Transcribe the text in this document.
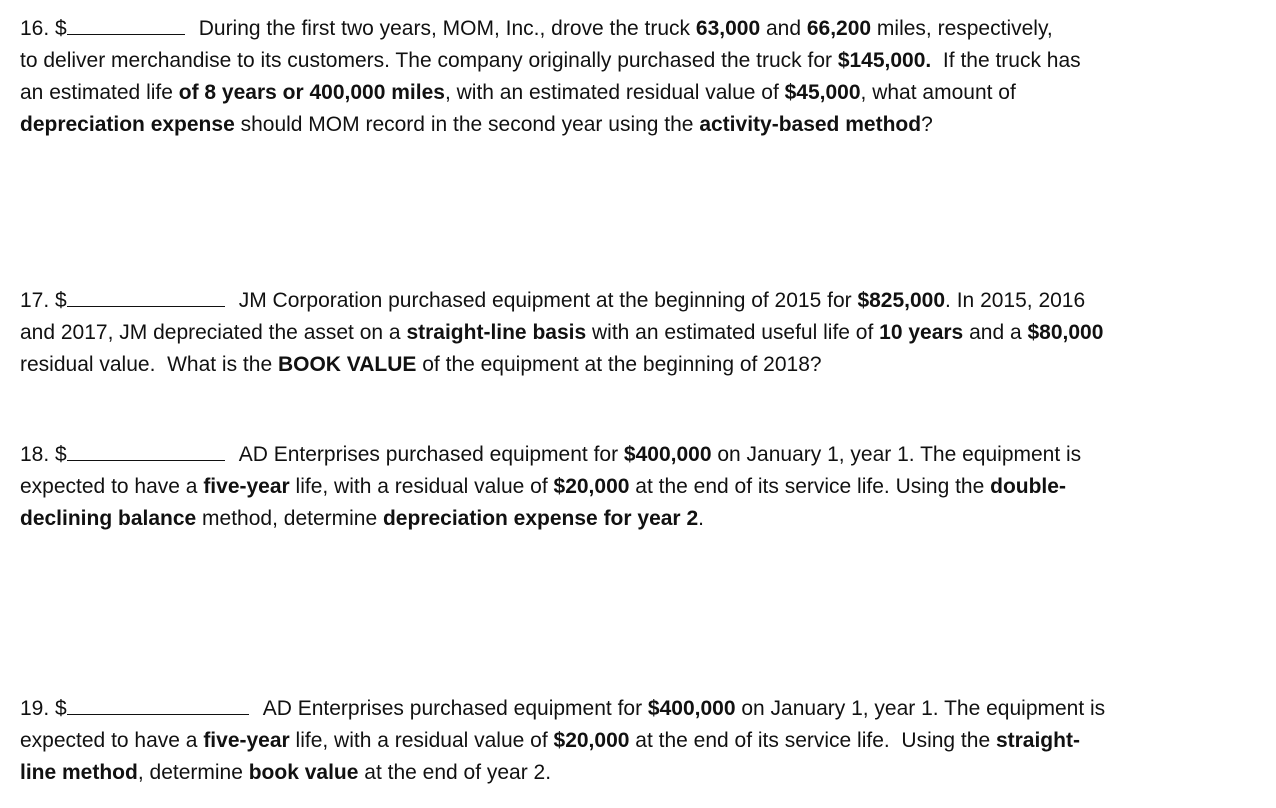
16. $	During the first two years, MOM, Inc., drove the truck 63,000 and 66,200 miles, respectively,
to deliver merchandise to its customers. The company originally purchased the truck for $145,000.  If the truck has
an estimated life of 8 years or 400,000 miles, with an estimated residual value of $45,000, what amount of
depreciation expense should MOM record in the second year using the activity-based method?
17. $	JM Corporation purchased equipment at the beginning of 2015 for $825,000. In 2015, 2016
and 2017, JM depreciated the asset on a straight-line basis with an estimated useful life of 10 years and a $80,000
residual value.  What is the BOOK VALUE of the equipment at the beginning of 2018?
18. $	AD Enterprises purchased equipment for $400,000 on January 1, year 1. The equipment is
expected to have a five-year life, with a residual value of $20,000 at the end of its service life. Using the double-
declining balance method, determine depreciation expense for year 2.
19. $	AD Enterprises purchased equipment for $400,000 on January 1, year 1. The equipment is
expected to have a five-year life, with a residual value of $20,000 at the end of its service life.  Using the straight-
line method, determine book value at the end of year 2.
